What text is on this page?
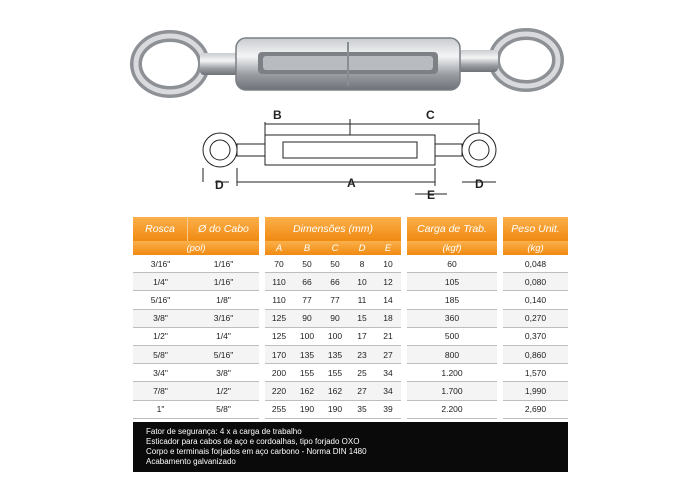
B	C
D	A
E
D
Rosca	Ø do Cabo		Dimensões (mm)						Carga de Trab.		Peso Unit.
(pol)			A	B	C	D	E		(kgf)		(kg)
3/16"	1/16"		70	50	50	8	10		60		0,048
1/4"	1/16"		110	66	66	10	12		105		0,080
5/16"	1/8"		110	77	77	11	14		185		0,140
3/8"	3/16"		125	90	90	15	18		360		0,270
1/2"	1/4"		125	100	100	17	21		500		0,370
5/8"	5/16"		170	135	135	23	27		800		0,860
3/4"	3/8"		200	155	155	25	34		1.200		1,570
7/8"	1/2"		220	162	162	27	34		1.700		1,990
1"	5/8"		255	190	190	35	39		2.200		2,690
Fator de segurança: 4 x a carga de trabalho
Esticador para cabos de aço e cordoalhas, tipo forjado OXO
Corpo e terminais forjados em aço carbono - Norma DIN 1480
Acabamento galvanizado
